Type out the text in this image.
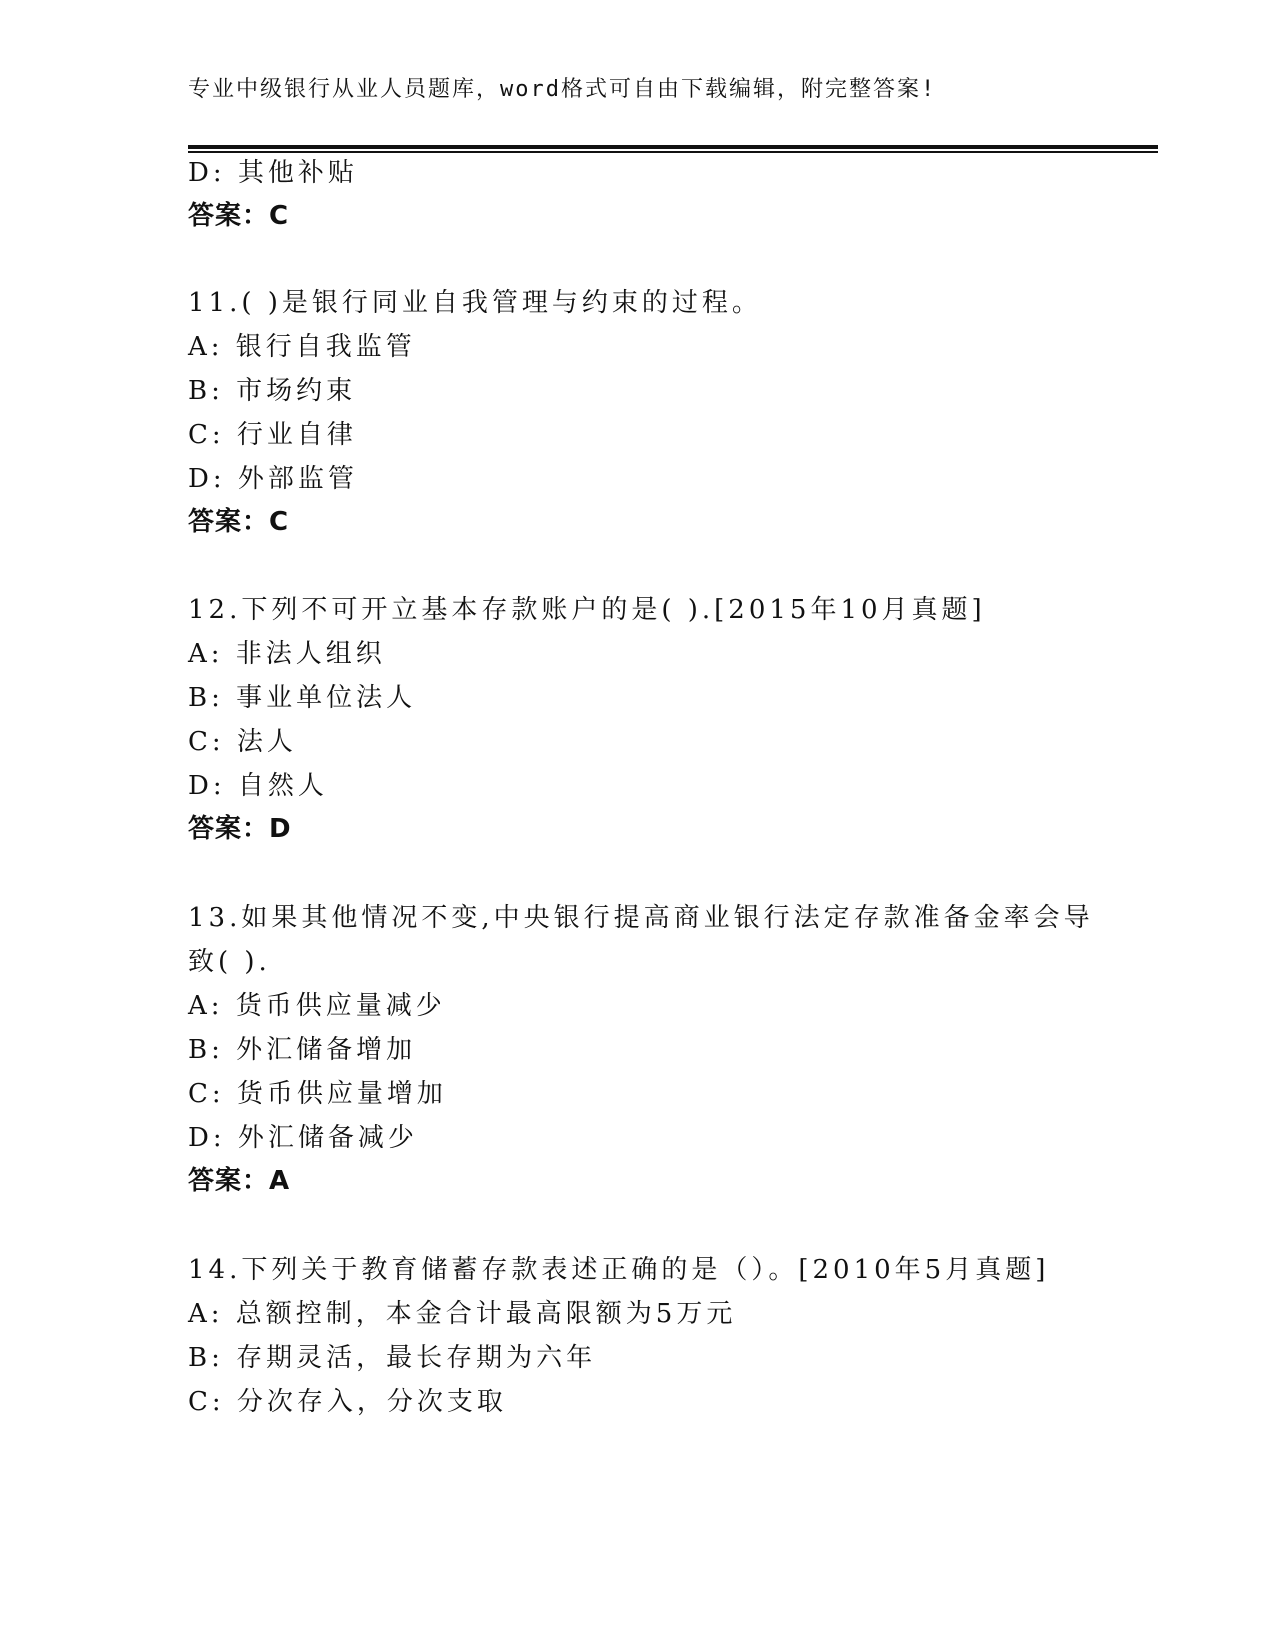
专业中级银行从业人员题库，word格式可自由下载编辑，附完整答案!
D: 其他补贴
答案：C
11.( )是银行同业自我管理与约束的过程。
A: 银行自我监管
B: 市场约束
C: 行业自律
D: 外部监管
答案：C
12.下列不可开立基本存款账户的是( ).[2015年10月真题]
A: 非法人组织
B: 事业单位法人
C: 法人
D: 自然人
答案：D
13.如果其他情况不变,中央银行提高商业银行法定存款准备金率会导
致( ).
A: 货币供应量减少
B: 外汇储备增加
C: 货币供应量增加
D: 外汇储备减少
答案：A
14.下列关于教育储蓄存款表述正确的是（）。[2010年5月真题]
A: 总额控制，本金合计最高限额为5万元
B: 存期灵活，最长存期为六年
C: 分次存入，分次支取
